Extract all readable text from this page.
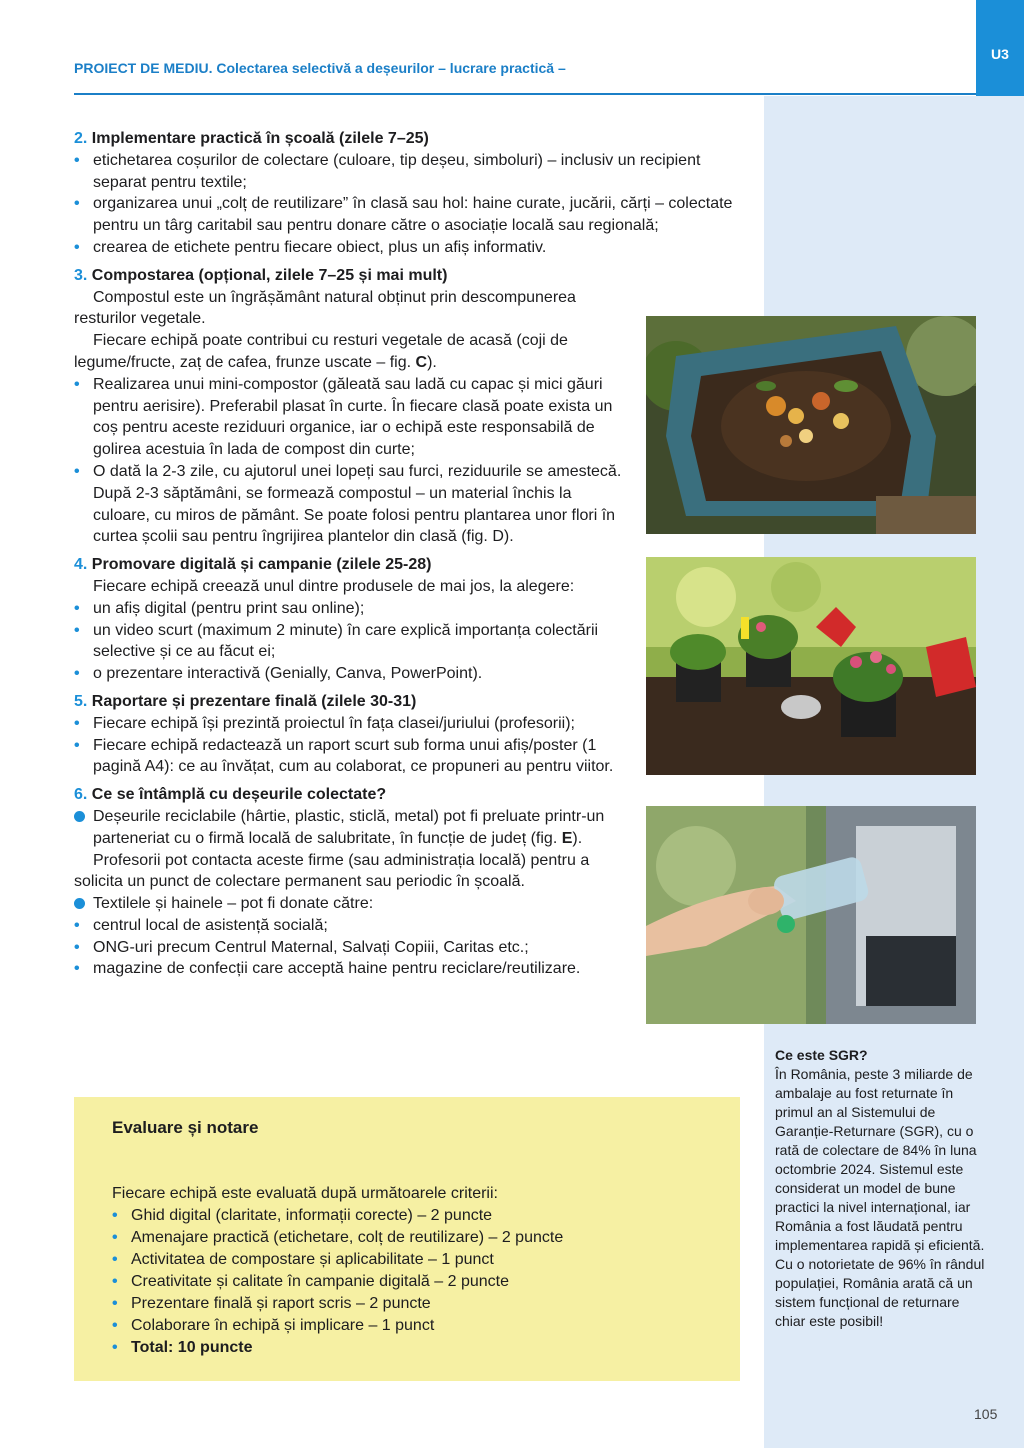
U3
PROIECT DE MEDIU. Colectarea selectivă a deșeurilor – lucrare practică –
2. Implementare practică în școală (zilele 7–25)
• etichetarea coșurilor de colectare (culoare, tip deșeu, simboluri) – inclusiv un recipient separat pentru textile;
• organizarea unui „colț de reutilizare” în clasă sau hol: haine curate, jucării, cărți – colectate pentru un târg caritabil sau pentru donare către o asociație locală sau regională;
• crearea de etichete pentru fiecare obiect, plus un afiș informativ.
3. Compostarea (opțional, zilele 7–25 și mai mult)
Compostul este un îngrășământ natural obținut prin descompunerea resturilor vegetale.
Fiecare echipă poate contribui cu resturi vegetale de acasă (coji de legume/fructe, zaț de cafea, frunze uscate – fig. C).
• Realizarea unui mini-compostor (găleată sau ladă cu capac și mici găuri pentru aerisire). Preferabil plasat în curte. În fiecare clasă poate exista un coș pentru aceste reziduuri organice, iar o echipă este responsabilă de golirea acestuia în lada de compost din curte;
• O dată la 2-3 zile, cu ajutorul unei lopeți sau furci, reziduurile se amestecă. După 2-3 săptămâni, se formează compostul – un material închis la culoare, cu miros de pământ. Se poate folosi pentru plantarea unor flori în curtea școlii sau pentru îngrijirea plantelor din clasă (fig. D).
4. Promovare digitală și campanie (zilele 25-28)
Fiecare echipă creează unul dintre produsele de mai jos, la alegere:
• un afiș digital (pentru print sau online);
• un video scurt (maximum 2 minute) în care explică importanța colectării selective și ce au făcut ei;
• o prezentare interactivă (Genially, Canva, PowerPoint).
5. Raportare și prezentare finală (zilele 30-31)
• Fiecare echipă își prezintă proiectul în fața clasei/juriului (profesorii);
• Fiecare echipă redactează un raport scurt sub forma unui afiș/poster (1 pagină A4): ce au învățat, cum au colaborat, ce propuneri au pentru viitor.
6. Ce se întâmplă cu deșeurile colectate?
Deșeurile reciclabile (hârtie, plastic, sticlă, metal) pot fi preluate printr-un parteneriat cu o firmă locală de salubritate, în funcție de județ (fig. E).
Profesorii pot contacta aceste firme (sau administrația locală) pentru a solicita un punct de colectare permanent sau periodic în școală.
Textilele și hainele – pot fi donate către:
• centrul local de asistență socială;
• ONG-uri precum Centrul Maternal, Salvați Copiii, Caritas etc.;
• magazine de confecții care acceptă haine pentru reciclare/reutilizare.
Evaluare și notare
Fiecare echipă este evaluată după următoarele criterii:
• Ghid digital (claritate, informații corecte) – 2 puncte
• Amenajare practică (etichetare, colț de reutilizare) – 2 puncte
• Activitatea de compostare și aplicabilitate – 1 punct
• Creativitate și calitate în campanie digitală – 2 puncte
• Prezentare finală și raport scris – 2 puncte
• Colaborare în echipă și implicare – 1 punct
• Total: 10 puncte
Ce este SGR?
În România, peste 3 miliarde de ambalaje au fost returnate în primul an al Sistemului de Garanție-Returnare (SGR), cu o rată de colectare de 84% în luna octombrie 2024. Sistemul este considerat un model de bune practici la nivel internațional, iar România a fost lăudată pentru implementarea rapidă și eficientă.
Cu o notorietate de 96% în rândul populației, România arată că un sistem funcțional de returnare chiar este posibil!
105
